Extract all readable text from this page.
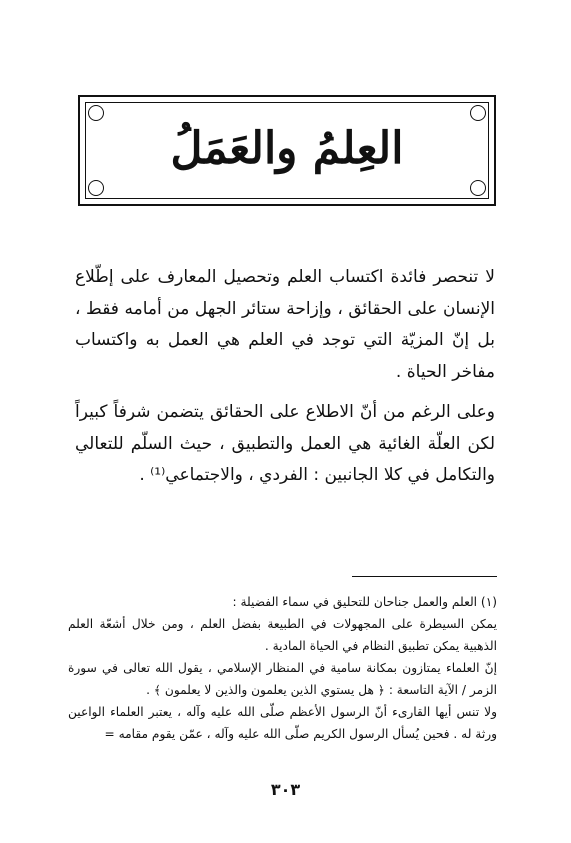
العِلمُ والعَمَلُ

لا تنحصر فائدة اكتساب العلم وتحصيل المعارف على إطّلاع الإنسان على الحقائق ، وإزاحة ستائر الجهل من أمامه فقط ، بل إنّ المزيّة التي توجد في العلم هي العمل به واكتساب مفاخر الحياة .

وعلى الرغم من أنّ الاطلاع على الحقائق يتضمن شرفاً كبيراً لكن العلّة الغائية هي العمل والتطبيق ، حيث السلّم للتعالي والتكامل في كلا الجانبين : الفردي ، والاجتماعي⁽¹⁾ .

(١) العلم والعمل جناحان للتحليق في سماء الفضيلة :

يمكن السيطرة على المجهولات في الطبيعة بفضل العلم ، ومن خلال أشعّة العلم الذهبية يمكن تطبيق النظام في الحياة المادية .

إنّ العلماء يمتازون بمكانة سامية في المنظار الإسلامي ، يقول الله تعالى في سورة الزمر / الآية التاسعة : ﴿ هل يستوي الذين يعلمون والذين لا يعلمون ﴾ .

ولا تنس أيها القارىء أنّ الرسول الأعظم صلّى الله عليه وآله ، يعتبر العلماء الواعين ورثة له . فحين يُسأل الرسول الكريم صلّى الله عليه وآله ، عمّن يقوم مقامه =

٣٠٣
